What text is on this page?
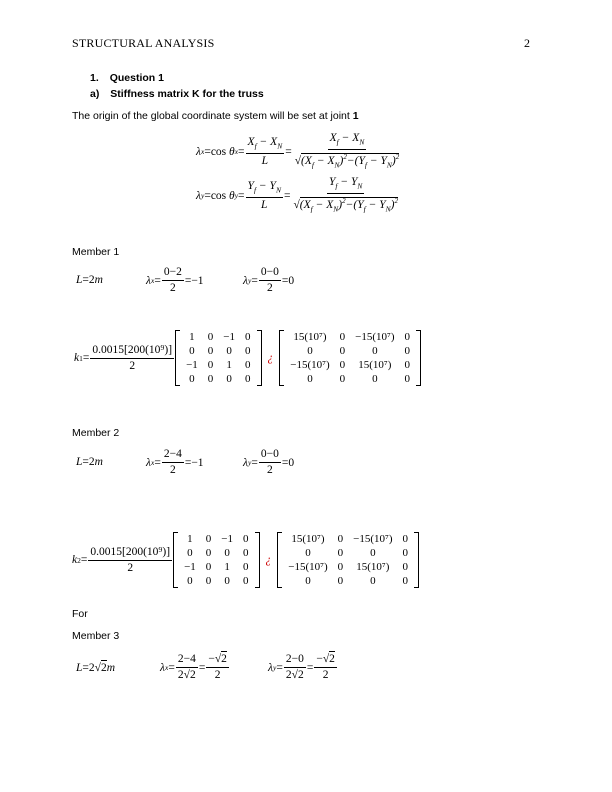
STRUCTURAL ANALYSIS	2
1. Question 1
a) Stiffness matrix K for the truss
The origin of the global coordinate system will be set at joint 1
λ x =cos θ $x = \frac{X_f - X_N}{L} = \frac{X_f - X_N}{√(X_f - X_N)^2-(Y_f - Y_N)^2}$
λ y =cos θ $y = \frac{Y_f - Y_N}{L} = \frac{Y_f - Y_N}{√(X_f - X_N)^2-(Y_f - Y_N)^2}$
Member 1
L=2m	λ $x = \frac{0-2}{2} =-1$	λ $y = \frac{0-0}{2} =0$
k $1 = \frac{\text{0.0015[200(10⁹)]}}{2}$
1	0	−1	0
0	0	0	0
−1	0	1	0
0	0	0	0
¿
15(10⁷)	0	−15(10⁷)	0
0	0	0	0
−15(10⁷)	0	15(10⁷)	0
0	0	0	0
Member 2
L=2m	λ $x = \frac{2-4}{2} =-1$	λ $y = \frac{0-0}{2} =0$
k $2 = \frac{\text{0.0015[200(10⁹)]}}{2}$
1	0	−1	0
0	0	0	0
−1	0	1	0
0	0	0	0
¿
15(10⁷)	0	−15(10⁷)	0
0	0	0	0
−15(10⁷)	0	15(10⁷)	0
0	0	0	0
For
Member 3
L=2√2m	λ $x = \frac{2-4}{2√2} = \frac{-√2}{2}$	λ $y = \frac{2-0}{2√2} = \frac{-√2}{2}$
